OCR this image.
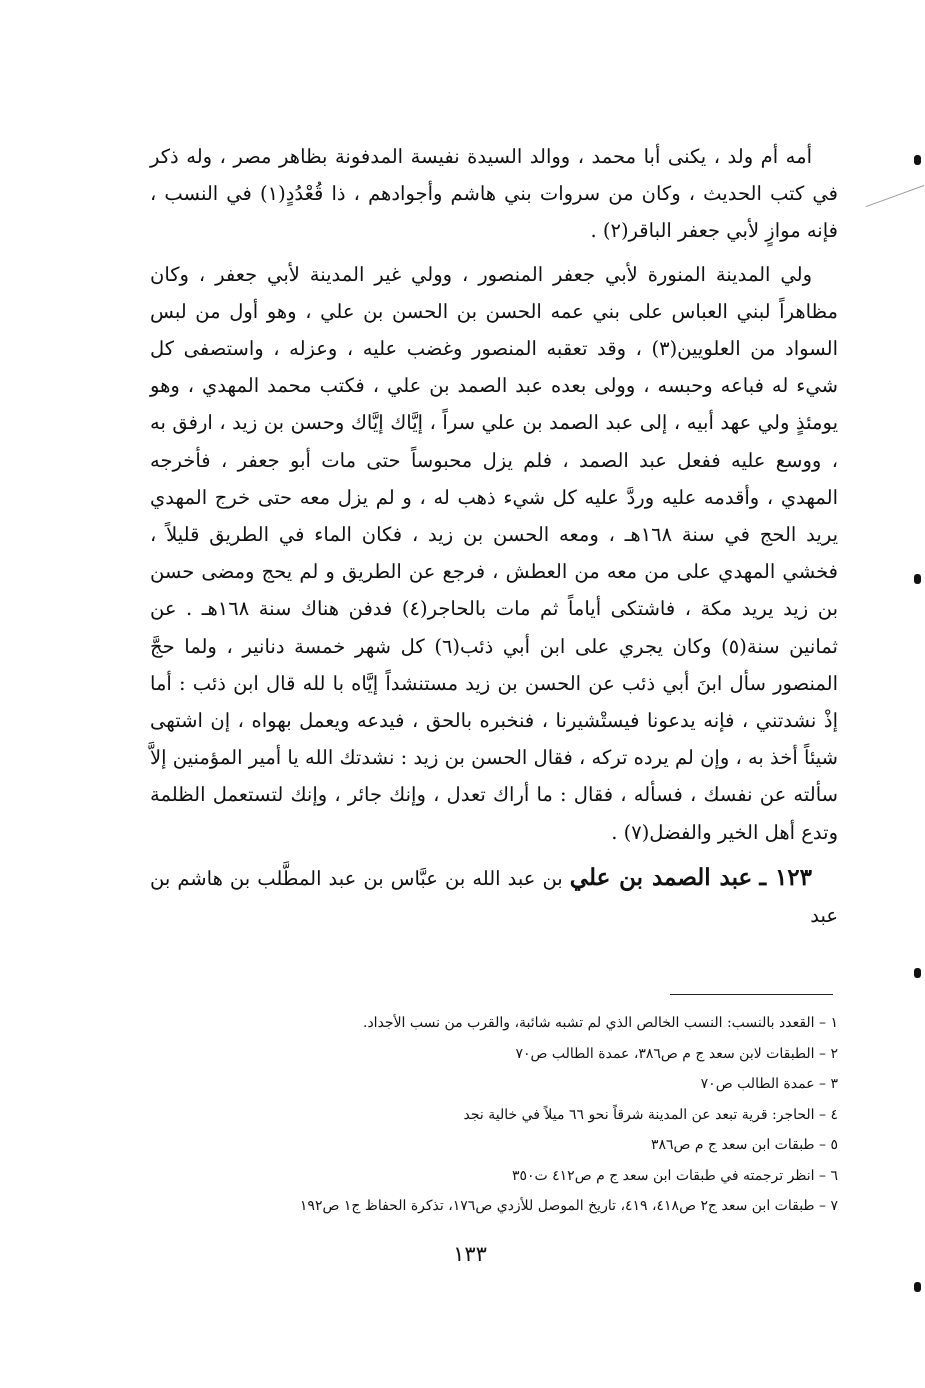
أمه أم ولد ، يكنى أبا محمد ، ووالد السيدة نفيسة المدفونة بظاهر مصر ، وله ذكر في كتب الحديث ، وكان من سروات بني هاشم وأجوادهم ، ذا قُعْدُدٍ(١) في النسب ، فإنه موازٍ لأبي جعفر الباقر(٢) .

ولي المدينة المنورة لأبي جعفر المنصور ، وولي غير المدينة لأبي جعفر ، وكان مظاهراً لبني العباس على بني عمه الحسن بن الحسن بن علي ، وهو أول من لبس السواد من العلويين(٣) ، وقد تعقبه المنصور وغضب عليه ، وعزله ، واستصفى كل شيء له فباعه وحبسه ، وولى بعده عبد الصمد بن علي ، فكتب محمد المهدي ، وهو يومئذٍ ولي عهد أبيه ، إلى عبد الصمد بن علي سراً ، إيَّاك إيَّاك وحسن بن زيد ، ارفق به ، ووسع عليه ففعل عبد الصمد ، فلم يزل محبوساً حتى مات أبو جعفر ، فأخرجه المهدي ، وأقدمه عليه وردَّ عليه كل شيء ذهب له ، و لم يزل معه حتى خرج المهدي يريد الحج في سنة ١٦٨هـ ، ومعه الحسن بن زيد ، فكان الماء في الطريق قليلاً ، فخشي المهدي على من معه من العطش ، فرجع عن الطريق و لم يحج ومضى حسن بن زيد يريد مكة ، فاشتكى أياماً ثم مات بالحاجر(٤) فدفن هناك سنة ١٦٨هـ . عن ثمانين سنة(٥) وكان يجري على ابن أبي ذئب(٦) كل شهر خمسة دنانير ، ولما حجَّ المنصور سأل ابنَ أبي ذئب عن الحسن بن زيد مستنشداً إيَّاه با لله قال ابن ذئب : أما إذْ نشدتني ، فإنه يدعونا فيستْشيرنا ، فنخبره بالحق ، فيدعه ويعمل بهواه ، إن اشتهى شيئاً أخذ به ، وإن لم يرده تركه ، فقال الحسن بن زيد : نشدتك الله يا أمير المؤمنين إلاَّ سألته عن نفسك ، فسأله ، فقال : ما أراك تعدل ، وإنك جائر ، وإنك لتستعمل الظلمة وتدع أهل الخير والفضل(٧) .

١٢٣ ـ عبد الصمد بن علي بن عبد الله بن عبَّاس بن عبد المطَّلب بن هاشم بن عبد

١ – القعدد بالنسب: النسب الخالص الذي لم تشبه شائبة، والقرب من نسب الأجداد.
٢ – الطبقات لابن سعد ج م ص٣٨٦، عمدة الطالب ص٧٠
٣ – عمدة الطالب ص٧٠
٤ – الحاجر: قرية تبعد عن المدينة شرقاً نحو ٦٦ ميلاً في خالية نجد
٥ – طبقات ابن سعد ج م ص٣٨٦
٦ – انظر ترجمته في طبقات ابن سعد ج م ص٤١٢ ت٣٥٠
٧ – طبقات ابن سعد ج٢ ص٤١٨، ٤١٩، تاريخ الموصل للأزدي ص١٧٦، تذكرة الحفاظ ج١ ص١٩٢
١٣٣
